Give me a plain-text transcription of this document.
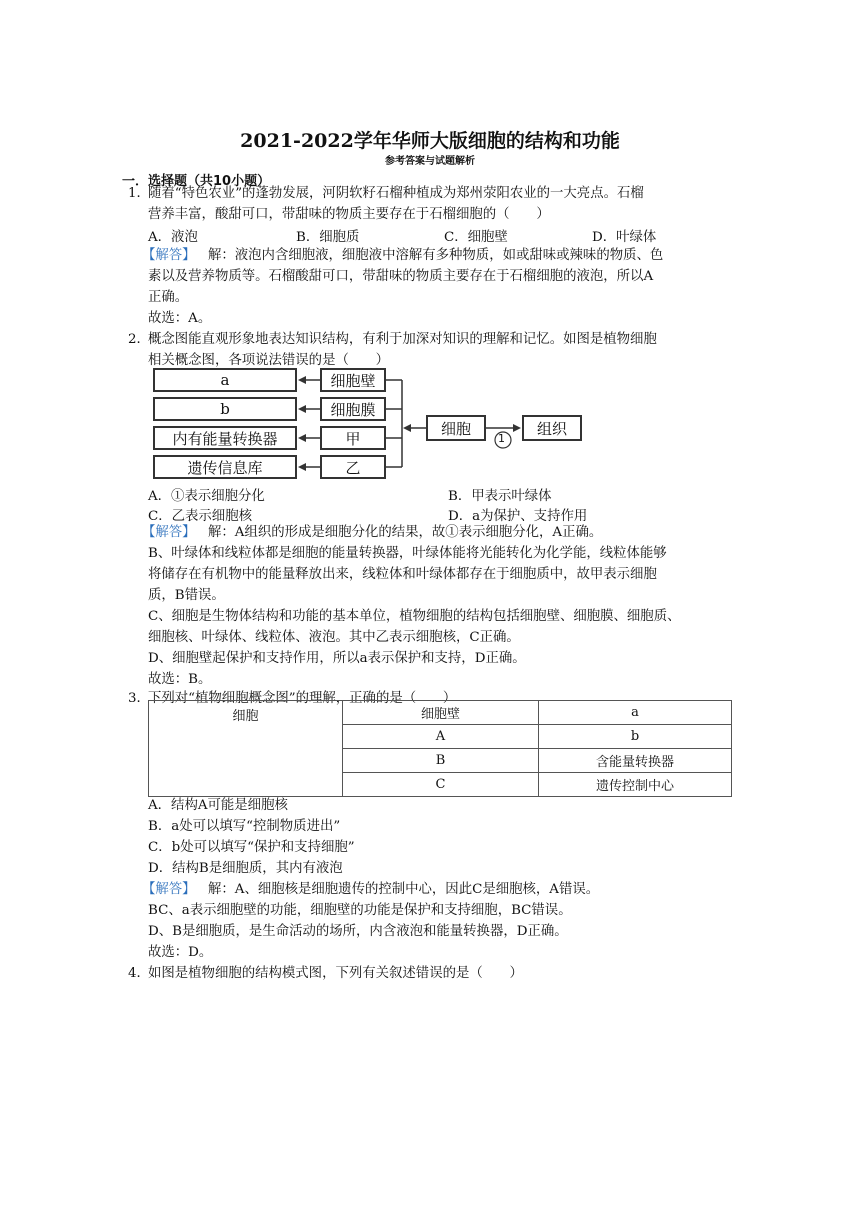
2021-2022学年华师大版细胞的结构和功能
参考答案与试题解析
一．选择题（共10小题）
1．
随着“特色农业”的蓬勃发展，河阴软籽石榴种植成为郑州荥阳农业的一大亮点。石榴
营养丰富，酸甜可口，带甜味的物质主要存在于石榴细胞的（　　）
A．液泡	B．细胞质	C．细胞壁	D．叶绿体
【解答】 解：液泡内含细胞液，细胞液中溶解有多种物质，如或甜味或辣味的物质、色
素以及营养物质等。石榴酸甜可口，带甜味的物质主要存在于石榴细胞的液泡，所以A
正确。
故选：A。
2．
概念图能直观形象地表达知识结构，有利于加深对知识的理解和记忆。如图是植物细胞
相关概念图，各项说法错误的是（　　）
a
b
内有能量转换器
遗传信息库
细胞壁
细胞膜
甲
乙
细胞	组织
1
A．①表示细胞分化	B．甲表示叶绿体
C．乙表示细胞核	D．a为保护、支持作用
【解答】 解：A组织的形成是细胞分化的结果，故①表示细胞分化，A正确。
B、叶绿体和线粒体都是细胞的能量转换器，叶绿体能将光能转化为化学能，线粒体能够
将储存在有机物中的能量释放出来，线粒体和叶绿体都存在于细胞质中，故甲表示细胞
质，B错误。
C、细胞是生物体结构和功能的基本单位，植物细胞的结构包括细胞壁、细胞膜、细胞质、
细胞核、叶绿体、线粒体、液泡。其中乙表示细胞核，C正确。
D、细胞壁起保护和支持作用，所以a表示保护和支持，D正确。
故选：B。
3．
下列对“植物细胞概念图”的理解，正确的是（　　）
细胞	细胞壁	a
	A	b
	B	含能量转换器
	C	遗传控制中心
A．结构A可能是细胞核
B．a处可以填写“控制物质进出”
C．b处可以填写“保护和支持细胞”
D．结构B是细胞质，其内有液泡
【解答】 解：A、细胞核是细胞遗传的控制中心，因此C是细胞核，A错误。
BC、a表示细胞壁的功能，细胞壁的功能是保护和支持细胞，BC错误。
D、B是细胞质，是生命活动的场所，内含液泡和能量转换器，D正确。
故选：D。
4．
如图是植物细胞的结构模式图，下列有关叙述错误的是（　　）
